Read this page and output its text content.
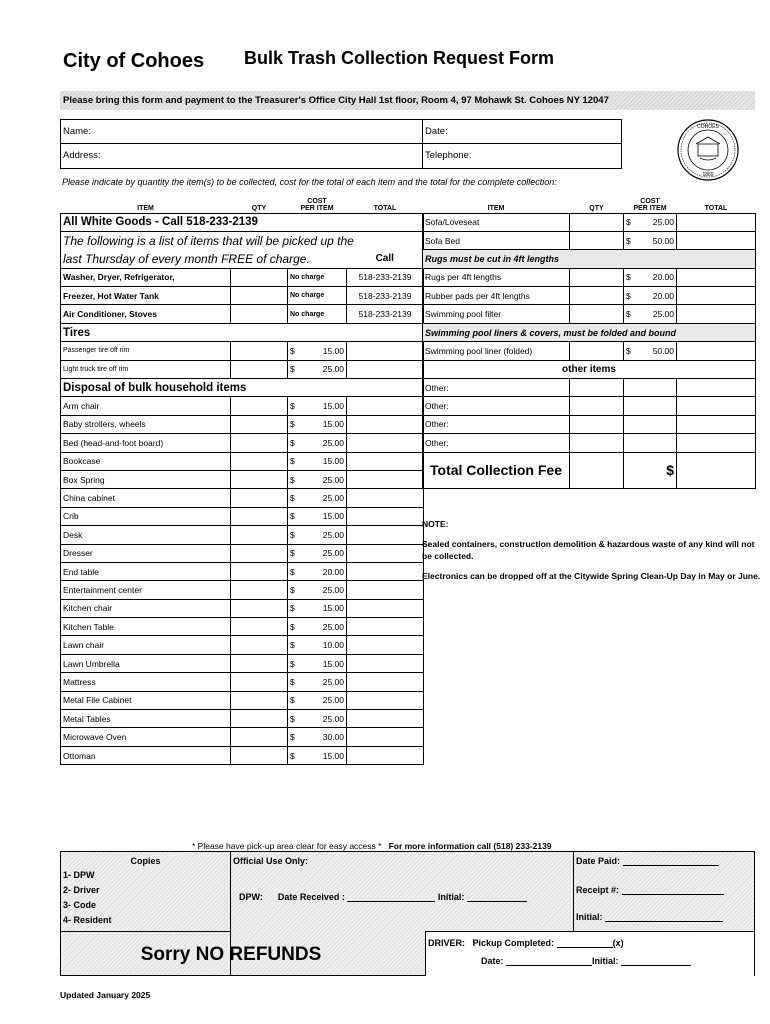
City of Cohoes Bulk Trash Collection Request Form
Please bring this form and payment to the Treasurer's Office City Hall 1st floor, Room 4, 97 Mohawk St. Cohoes NY 12047
Name:
Address:
Date:
Telephone:
COHOES
1869
Please indicate by quantity the item(s) to be collected, cost for the total of each item and the total for the complete collection:
ITEM	QTY	COST
PER ITEM	TOTAL
All White Goods - Call 518-233-2139			
The following is a list of items that will be picked up the			
last Thursday of every month FREE of charge.			Call
Washer, Dryer, Refrigerator,		No charge	518-233-2139
Freezer, Hot Water Tank		No charge	518-233-2139
Air Conditioner, Stoves		No charge	518-233-2139
Tires			
Passenger tire off rim		$ 15.00	

Light truck tire off rim		$ 25.00	

Disposal of bulk household items			
Arm chair		$ 15.00	

Baby strollers, wheels		$ 15.00	

Bed (head-and-foot board)		$ 25.00	

Bookcase		$ 15.00	

Box Spring		$ 25.00	

China cabinet		$ 25.00	

Crib		$ 15.00	

Desk		$ 25.00	

Dresser		$ 25.00	

End table		$ 20.00	

Entertainment center		$ 25.00	

Kitchen chair		$ 15.00	

Kitchen Table		$ 25.00	

Lawn chair		$ 10.00	

Lawn Umbrella		$ 15.00	

Mattress		$ 25.00	

Metal File Cabinet		$ 25.00	

Metal Tables		$ 25.00	

Microwave Oven		$ 30.00	

Ottoman		$ 15.00	

ITEM	QTY	COST
PER ITEM	TOTAL
Sofa/Loveseat		$ 25.00	

Sofa Bed		$ 50.00	

Rugs must be cut in 4ft lengths			
Rugs per 4ft lengths		$ 20.00	

Rubber pads per 4ft lengths		$ 20.00	

Swimming pool filter		$ 25.00	

Swimming pool liners & covers, must be folded and bound			
Swimming pool liner (folded)		$ 50.00	

other items			
Other:			
Other:			
Other:			
Other:			
Total Collection Fee		$	

NOTE:

Sealed containers, construction demolition & hazardous waste of any kind will not be collected.

Electronics can be dropped off at the Citywide Spring Clean-Up Day in May or June.

* Please have pick-up area clear for easy access * For more information call (518) 233-2139
Copies
1- DPW
2- Driver
3- Code
4- Resident
Sorry NO REFUNDS
Official Use Only:
DPW: Date Received :	Initial:
Date Paid:
Receipt #:
Initial:
DRIVER: Pickup Completed:	(x)
Date:	Initial:
Updated January 2025
